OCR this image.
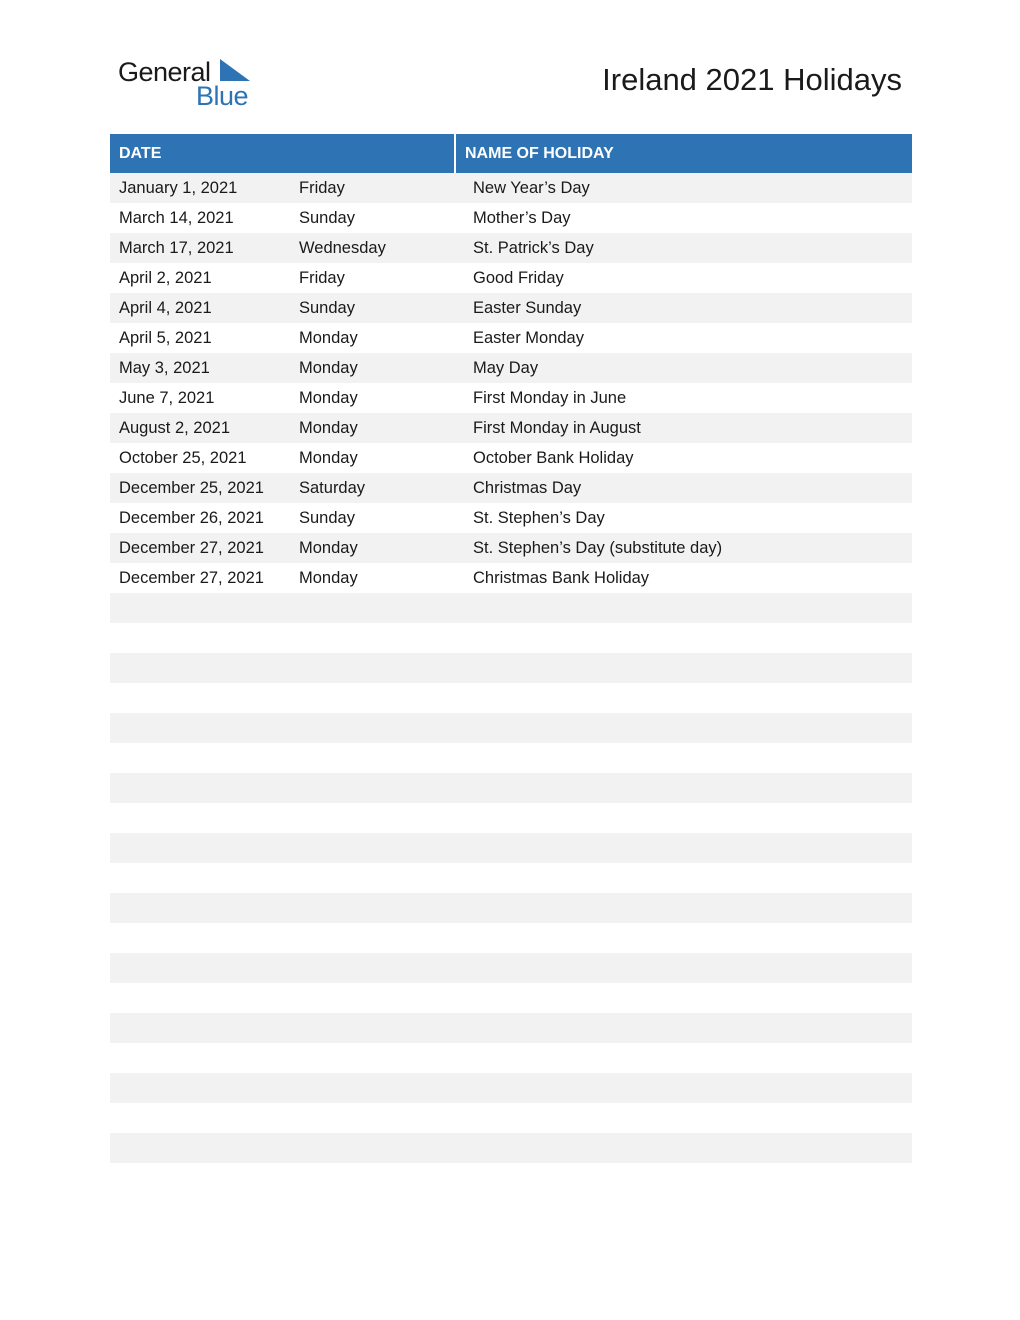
General
Blue	Ireland 2021 Holidays
DATE	NAME OF HOLIDAY
January 1, 2021	Friday	New Year’s Day
March 14, 2021	Sunday	Mother’s Day
March 17, 2021	Wednesday	St. Patrick’s Day
April 2, 2021	Friday	Good Friday
April 4, 2021	Sunday	Easter Sunday
April 5, 2021	Monday	Easter Monday
May 3, 2021	Monday	May Day
June 7, 2021	Monday	First Monday in June
August 2, 2021	Monday	First Monday in August
October 25, 2021	Monday	October Bank Holiday
December 25, 2021	Saturday	Christmas Day
December 26, 2021	Sunday	St. Stephen’s Day
December 27, 2021	Monday	St. Stephen’s Day (substitute day)
December 27, 2021	Monday	Christmas Bank Holiday
